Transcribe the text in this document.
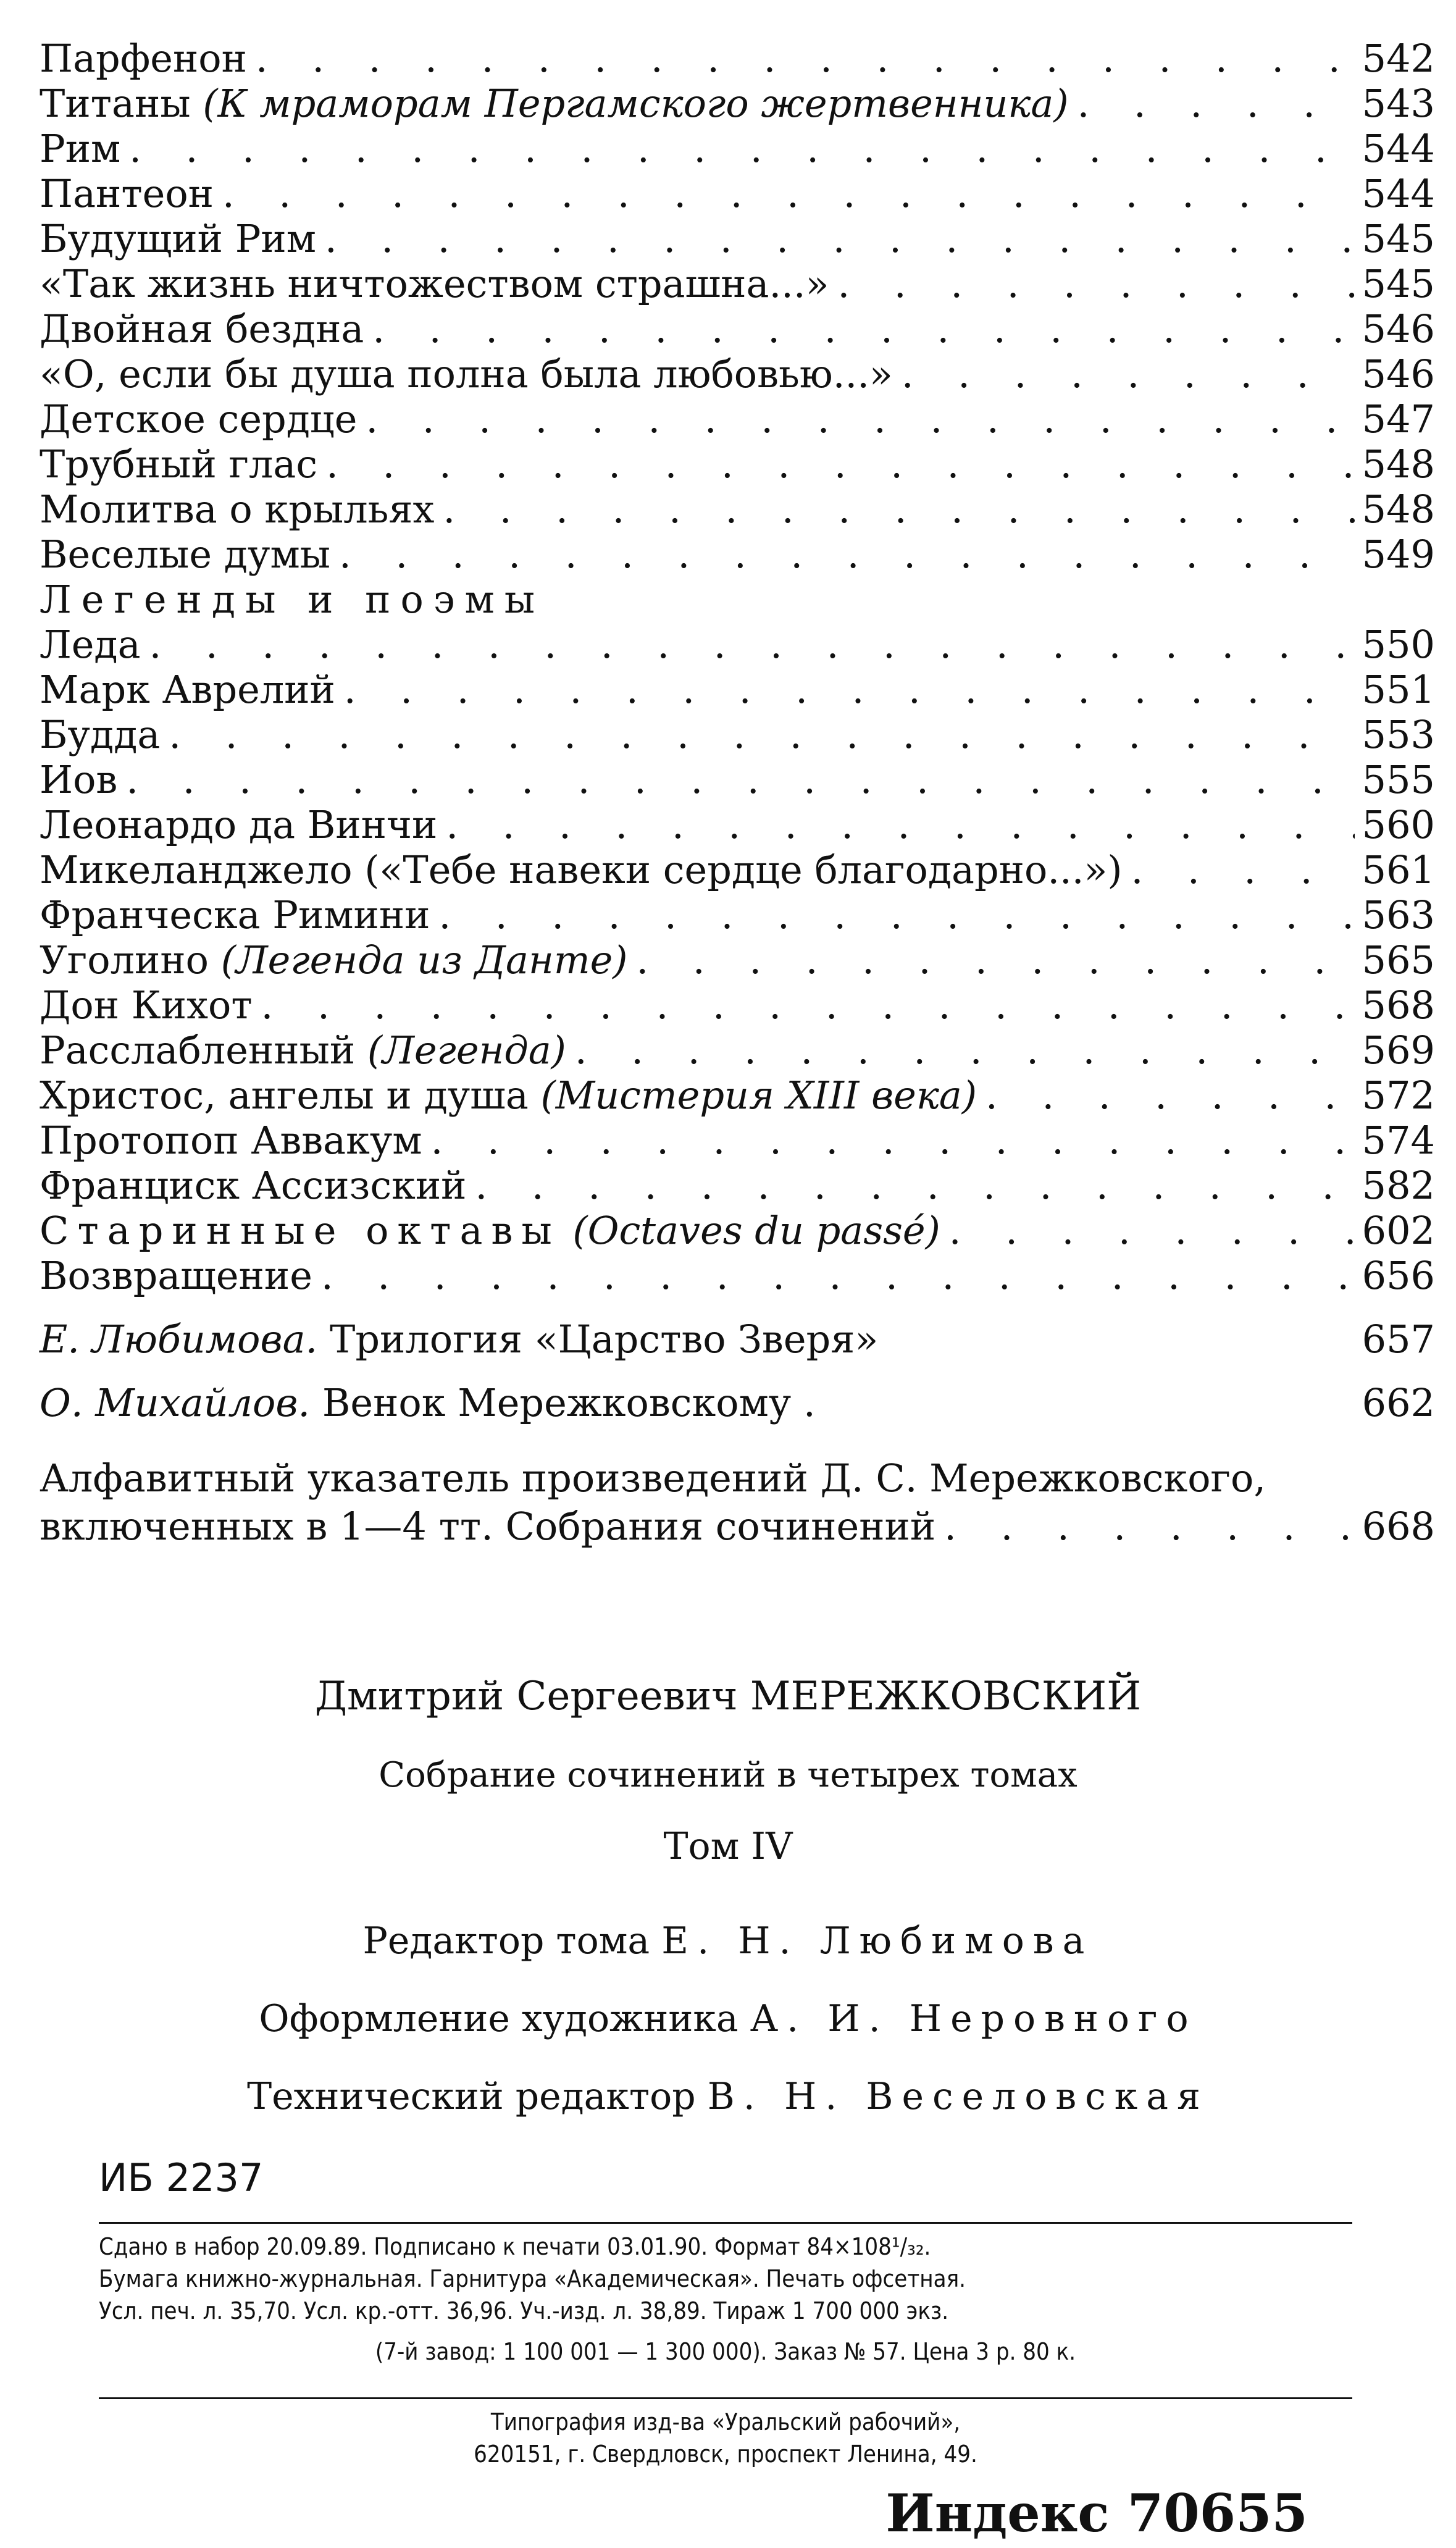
Парфенон . . .	542
Титаны (К мраморам Пергамского жертвенника) . . .	543
Рим . . .	544
Пантеон . . .	544
Будущий Рим . . .	545
«Так жизнь ничтожеством страшна...» . . .	545
Двойная бездна . . .	546
«О, если бы душа полна была любовью...» . . .	546
Детское сердце . . .	547
Трубный глас . . .	548
Молитва о крыльях . . .	548
Веселые думы . . .	549
Легенды и поэмы
Леда . . .	550
Марк Аврелий . . .	551
Будда . . .	553
Иов . . .	555
Леонардо да Винчи . . .	560
Микеланджело («Тебе навеки сердце благодарно...») . . .	561
Франческа Римини . . .	563
Уголино (Легенда из Данте) . . .	565
Дон Кихот . . .	568
Расслабленный (Легенда) . . .	569
Христос, ангелы и душа (Мистерия XIII века) . . .	572
Протопоп Аввакум . . .	574
Франциск Ассизский . . .	582
Старинные октавы (Octaves du passé) . . .	602
Возвращение . . .	656
Е. Любимова. Трилогия «Царство Зверя»	657
О. Михайлов. Венок Мережковскому .	662
Алфавитный указатель произведений Д. С. Мережковского,
включенных в 1—4 тт. Собрания сочинений . . .	668
Дмитрий Сергеевич МЕРЕЖКОВСКИЙ
Собрание сочинений в четырех томах
Том IV
Редактор тома Е. Н. Любимова
Оформление художника А. И. Неровного
Технический редактор В. Н. Веселовская
ИБ 2237
Сдано в набор 20.09.89. Подписано к печати 03.01.90. Формат 84×108¹/₃₂.
Бумага книжно-журнальная. Гарнитура «Академическая». Печать офсетная.
Усл. печ. л. 35,70. Усл. кр.-отт. 36,96. Уч.-изд. л. 38,89. Тираж 1 700 000 экз.
(7-й завод: 1 100 001 — 1 300 000). Заказ № 57. Цена 3 р. 80 к.
Типография изд-ва «Уральский рабочий»,
620151, г. Свердловск, проспект Ленина, 49.
Индекс 70655
